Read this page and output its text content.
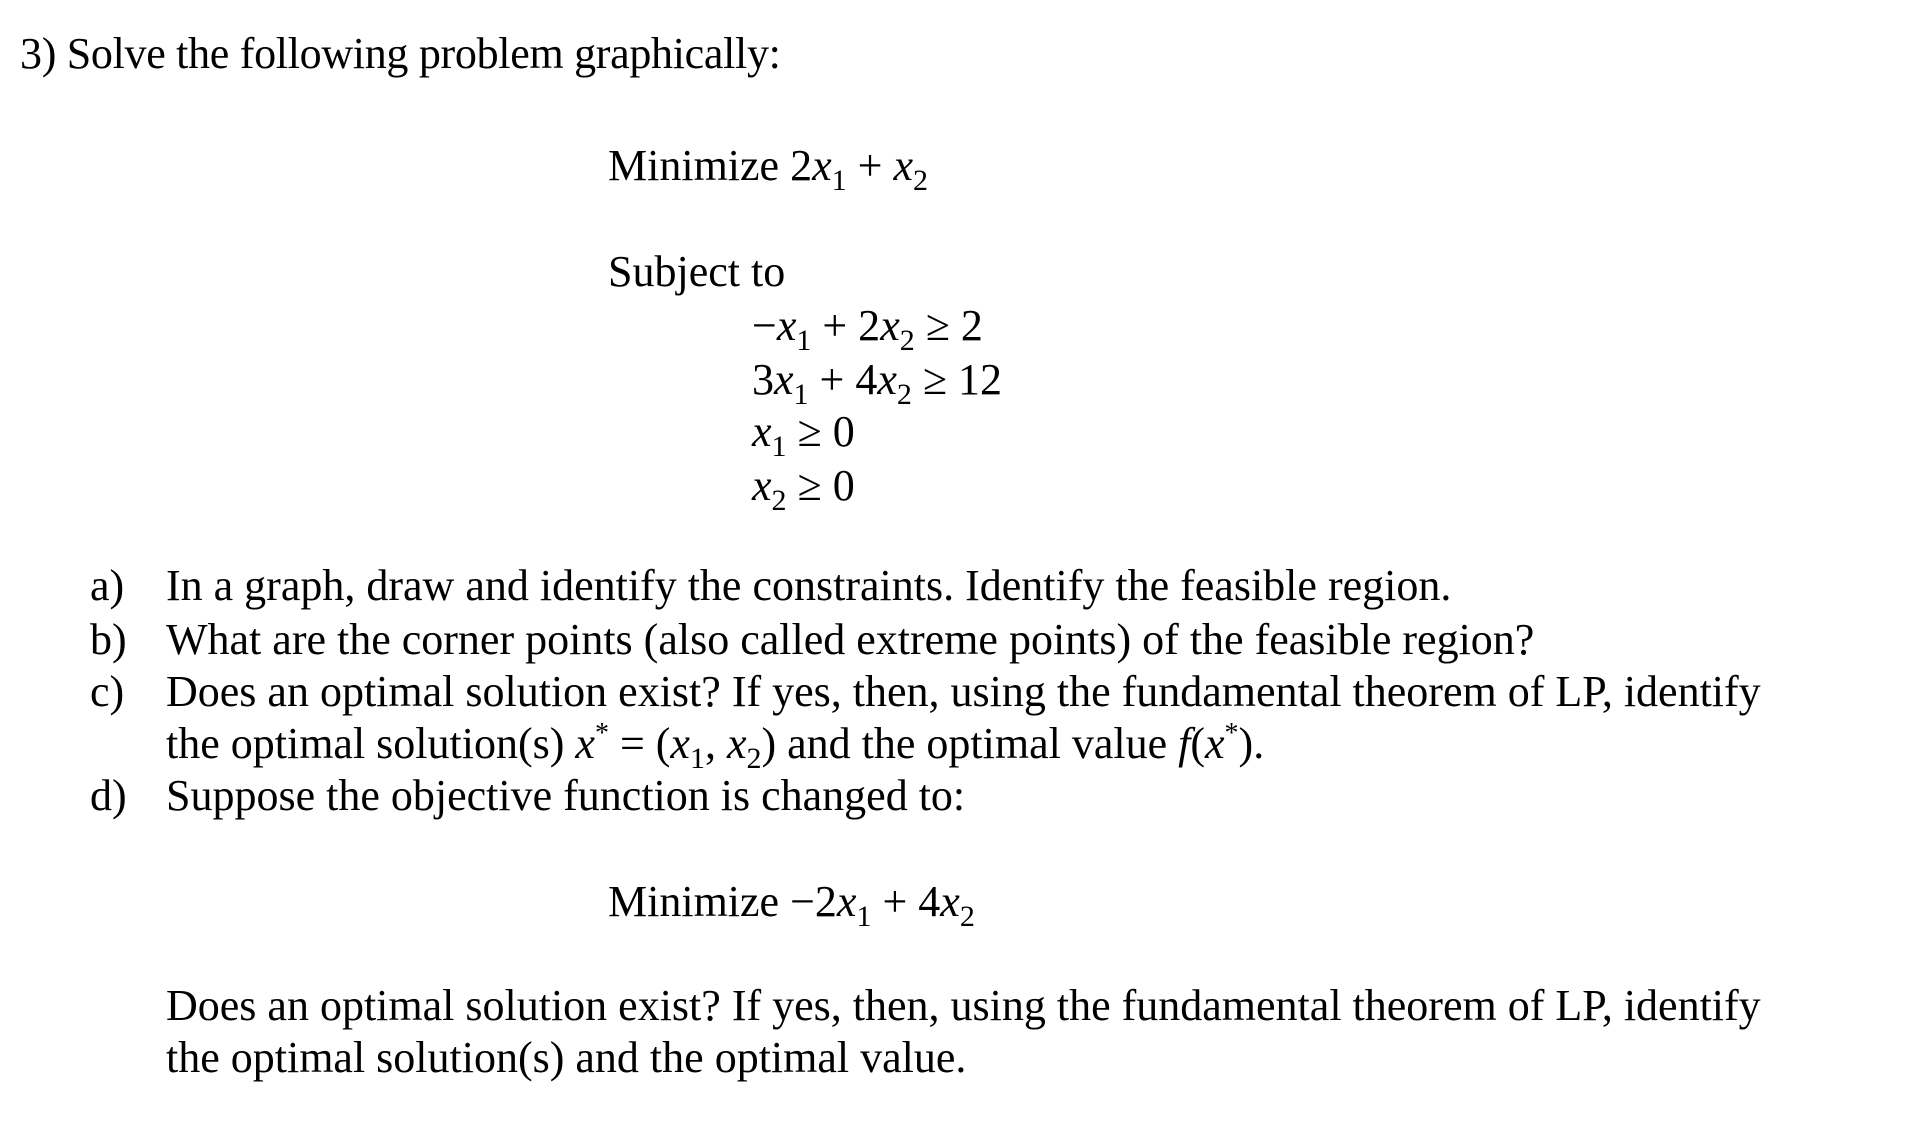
3) Solve the following problem graphically:
Minimize $2x_1 + x_2$
Subject to
$-x_1 + 2x_2 \ge 2$
$3x_1 + 4x_2 \ge 12$
$x_1 \ge 0$
$x_2 \ge 0$
a) In a graph, draw and identify the constraints. Identify the feasible region.
b) What are the corner points (also called extreme points) of the feasible region?
c) Does an optimal solution exist? If yes, then, using the fundamental theorem of LP, identify
the optimal solution(s) $x^* = (x_1$, $x_2$) and the optimal value f(x*).
d) Suppose the objective function is changed to:
Minimize $-2x_1 + 4x_2$
Does an optimal solution exist? If yes, then, using the fundamental theorem of LP, identify
the optimal solution(s) and the optimal value.
